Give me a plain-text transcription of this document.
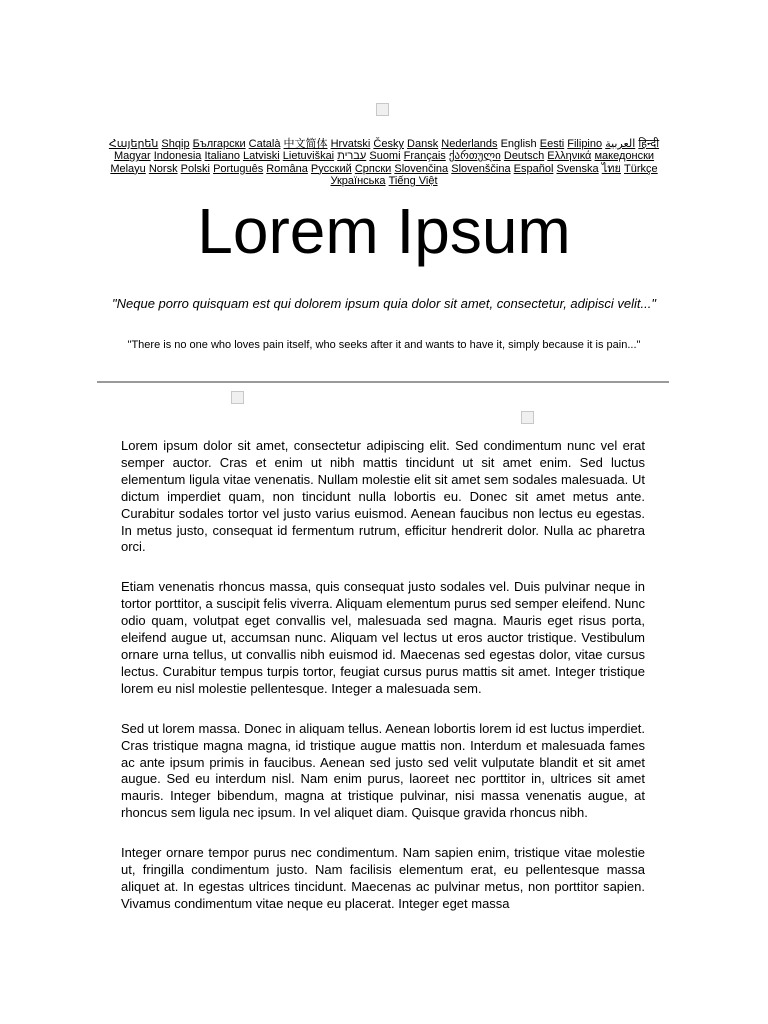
Հայերեն Shqip Български Català 中文简体 Hrvatski Česky Dansk Nederlands English Eesti Filipino العربية हिन्दी Magyar Indonesia Italiano Latviski Lietuviškai עברית Suomi Français ქართული Deutsch Ελληνικά македонски Melayu Norsk Polski Português Româna Русский Српски Slovenčina Slovenščina Español Svenska ไทย Türkçe Українська Tiếng Việt
Lorem Ipsum

"Neque porro quisquam est qui dolorem ipsum quia dolor sit amet, consectetur, adipisci velit..."

"There is no one who loves pain itself, who seeks after it and wants to have it, simply because it is pain..."

Lorem ipsum dolor sit amet, consectetur adipiscing elit. Sed condimentum nunc vel erat semper auctor. Cras et enim ut nibh mattis tincidunt ut sit amet enim. Sed luctus elementum ligula vitae venenatis. Nullam molestie elit sit amet sem sodales malesuada. Ut dictum imperdiet quam, non tincidunt nulla lobortis eu. Donec sit amet metus ante. Curabitur sodales tortor vel justo varius euismod. Aenean faucibus non lectus eu egestas. In metus justo, consequat id fermentum rutrum, efficitur hendrerit dolor. Nulla ac pharetra orci.

Etiam venenatis rhoncus massa, quis consequat justo sodales vel. Duis pulvinar neque in tortor porttitor, a suscipit felis viverra. Aliquam elementum purus sed semper eleifend. Nunc odio quam, volutpat eget convallis vel, malesuada sed magna. Mauris eget risus porta, eleifend augue ut, accumsan nunc. Aliquam vel lectus ut eros auctor tristique. Vestibulum ornare urna tellus, ut convallis nibh euismod id. Maecenas sed egestas dolor, vitae cursus lectus. Curabitur tempus turpis tortor, feugiat cursus purus mattis sit amet. Integer tristique lorem eu nisl molestie pellentesque. Integer a malesuada sem.

Sed ut lorem massa. Donec in aliquam tellus. Aenean lobortis lorem id est luctus imperdiet. Cras tristique magna magna, id tristique augue mattis non. Interdum et malesuada fames ac ante ipsum primis in faucibus. Aenean sed justo sed velit vulputate blandit et sit amet augue. Sed eu interdum nisl. Nam enim purus, laoreet nec porttitor in, ultrices sit amet mauris. Integer bibendum, magna at tristique pulvinar, nisi massa venenatis augue, at rhoncus sem ligula nec ipsum. In vel aliquet diam. Quisque gravida rhoncus nibh.

Integer ornare tempor purus nec condimentum. Nam sapien enim, tristique vitae molestie ut, fringilla condimentum justo. Nam facilisis elementum erat, eu pellentesque massa aliquet at. In egestas ultrices tincidunt. Maecenas ac pulvinar metus, non porttitor sapien. Vivamus condimentum vitae neque eu placerat. Integer eget massa
